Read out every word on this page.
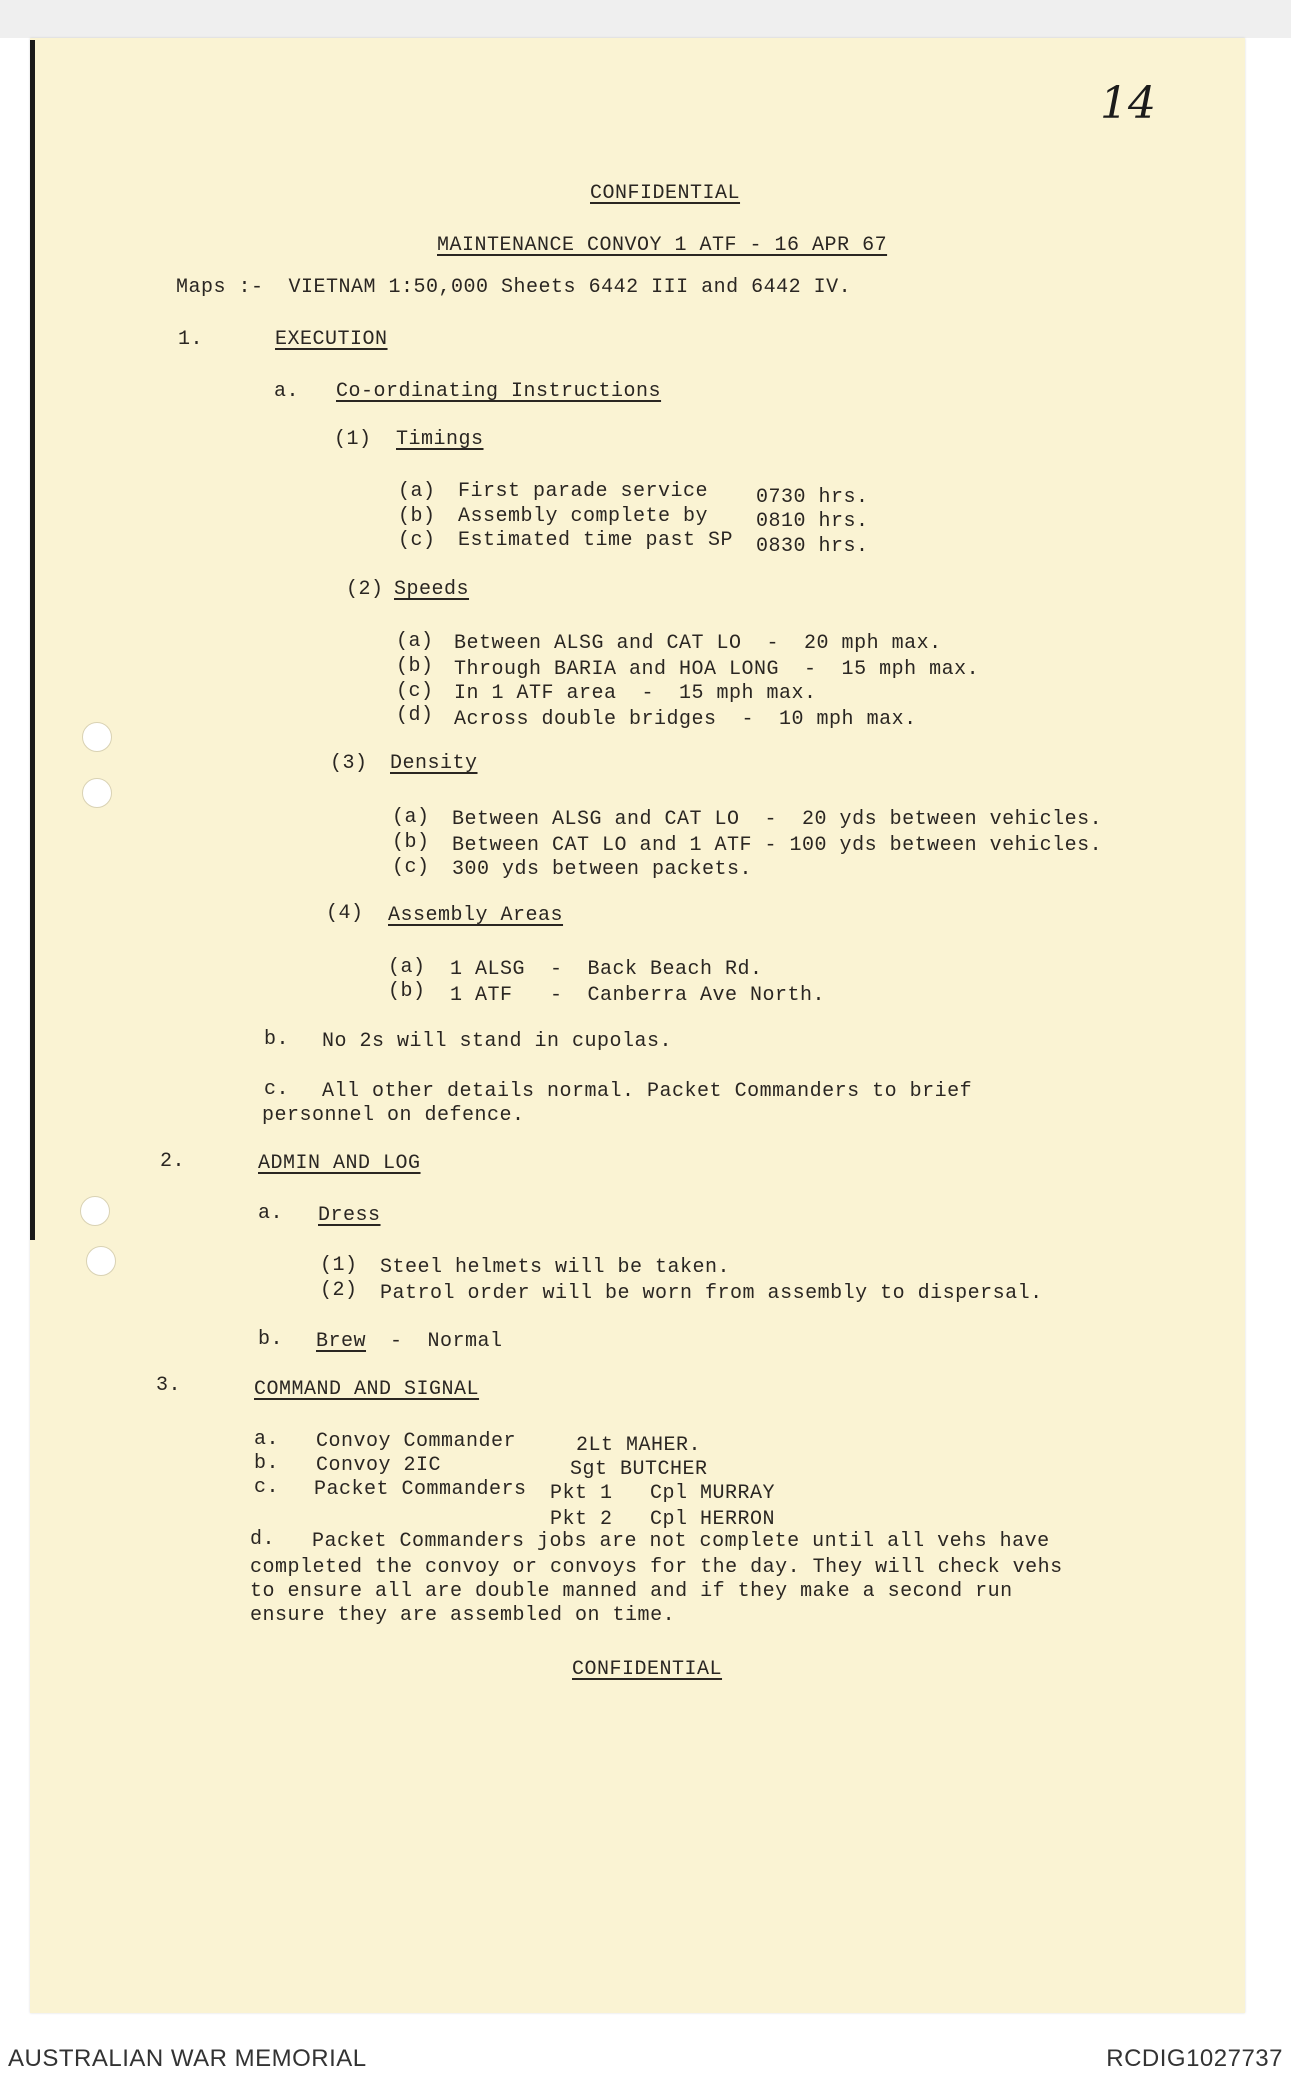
14
CONFIDENTIAL
MAINTENANCE CONVOY 1 ATF - 16 APR 67
Maps :-  VIETNAM 1:50,000 Sheets 6442 III and 6442 IV.
1.	EXECUTION
a. Co-ordinating Instructions
(1) Timings
(a) First parade service 0730 hrs.
(b) Assembly complete by 0810 hrs.
(c) Estimated time past SP 0830 hrs.
(2) Speeds
(a) Between ALSG and CAT LO  -  20 mph max.
(b) Through BARIA and HOA LONG  -  15 mph max.
(c) In 1 ATF area  -  15 mph max.
(d) Across double bridges  -  10 mph max.
(3) Density
(a) Between ALSG and CAT LO  -  20 yds between vehicles.
(b) Between CAT LO and 1 ATF - 100 yds between vehicles.
(c) 300 yds between packets.
(4) Assembly Areas
(a) 1 ALSG  -  Back Beach Rd.
(b) 1 ATF   -  Canberra Ave North.
b. No 2s will stand in cupolas.
c. All other details normal. Packet Commanders to brief
personnel on defence.
2.	ADMIN AND LOG
a. Dress
(1) Steel helmets will be taken.
(2) Patrol order will be worn from assembly to dispersal.
b. Brew -  Normal
3.	COMMAND AND SIGNAL
a. Convoy Commander	2Lt MAHER.
b. Convoy 2IC	Sgt BUTCHER
c. Packet Commanders Pkt 1   Cpl MURRAY
Pkt 2   Cpl HERRON
d. Packet Commanders jobs are not complete until all vehs have
completed the convoy or convoys for the day. They will check vehs
to ensure all are double manned and if they make a second run
ensure they are assembled on time.
CONFIDENTIAL
AUSTRALIAN WAR MEMORIAL	RCDIG1027737
